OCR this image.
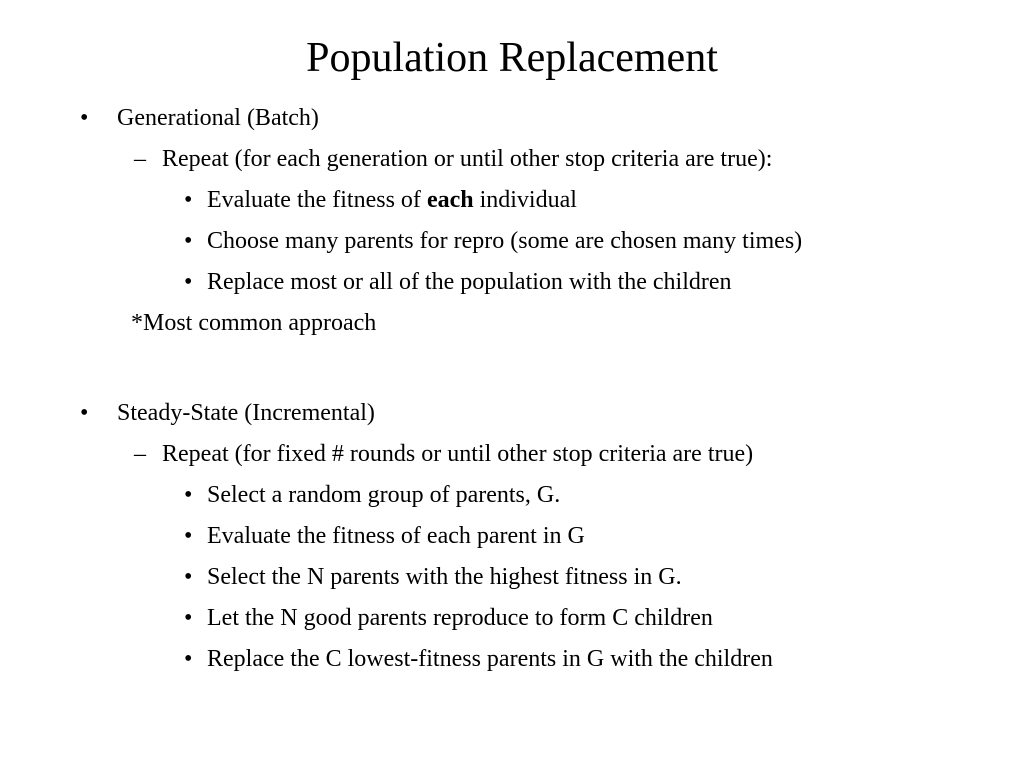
Population Replacement
• Generational (Batch)
– Repeat (for each generation or until other stop criteria are true):
• Evaluate the fitness of each individual
• Choose many parents for repro (some are chosen many times)
• Replace most or all of the population with the children
*Most common approach
• Steady-State (Incremental)
– Repeat (for fixed # rounds or until other stop criteria are true)
• Select a random group of parents, G.
• Evaluate the fitness of each parent in G
• Select the N parents with the highest fitness in G.
• Let the N good parents reproduce to form C children
• Replace the C lowest-fitness parents in G with the children
